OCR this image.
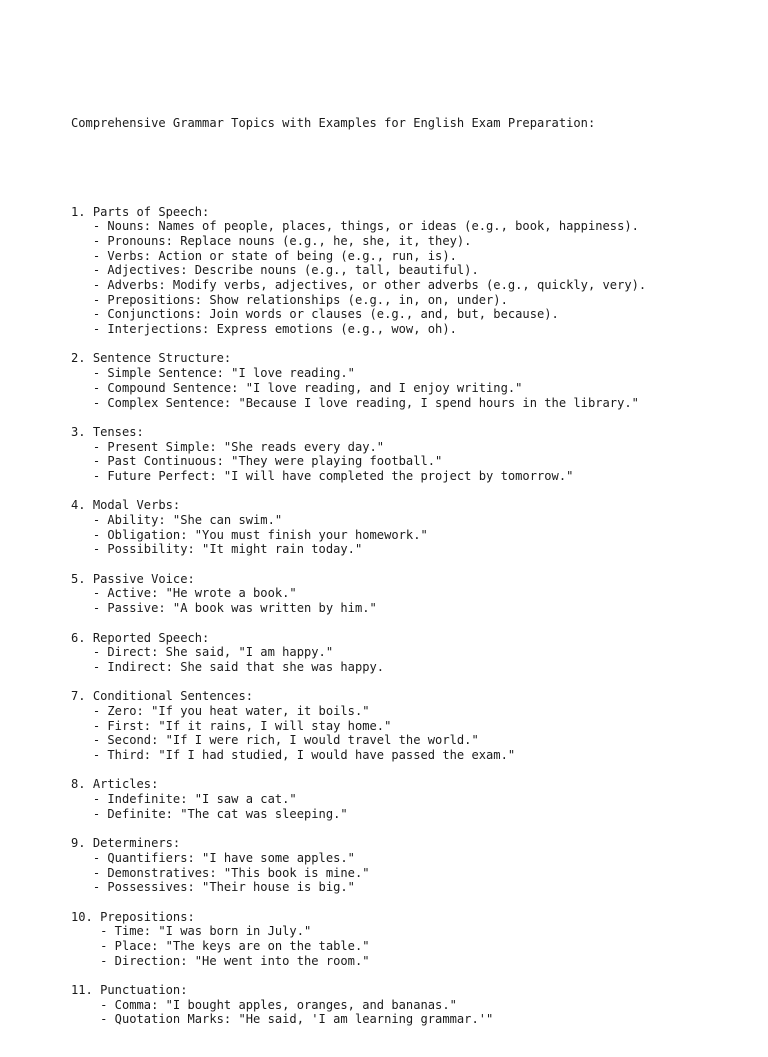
Comprehensive Grammar Topics with Examples for English Exam Preparation:

1. Parts of Speech:
- Nouns: Names of people, places, things, or ideas (e.g., book, happiness).
- Pronouns: Replace nouns (e.g., he, she, it, they).
- Verbs: Action or state of being (e.g., run, is).
- Adjectives: Describe nouns (e.g., tall, beautiful).
- Adverbs: Modify verbs, adjectives, or other adverbs (e.g., quickly, very).
- Prepositions: Show relationships (e.g., in, on, under).
- Conjunctions: Join words or clauses (e.g., and, but, because).
- Interjections: Express emotions (e.g., wow, oh).
2. Sentence Structure:
- Simple Sentence: "I love reading."
- Compound Sentence: "I love reading, and I enjoy writing."
- Complex Sentence: "Because I love reading, I spend hours in the library."
3. Tenses:
- Present Simple: "She reads every day."
- Past Continuous: "They were playing football."
- Future Perfect: "I will have completed the project by tomorrow."
4. Modal Verbs:
- Ability: "She can swim."
- Obligation: "You must finish your homework."
- Possibility: "It might rain today."
5. Passive Voice:
- Active: "He wrote a book."
- Passive: "A book was written by him."
6. Reported Speech:
- Direct: She said, "I am happy."
- Indirect: She said that she was happy.
7. Conditional Sentences:
- Zero: "If you heat water, it boils."
- First: "If it rains, I will stay home."
- Second: "If I were rich, I would travel the world."
- Third: "If I had studied, I would have passed the exam."
8. Articles:
- Indefinite: "I saw a cat."
- Definite: "The cat was sleeping."
9. Determiners:
- Quantifiers: "I have some apples."
- Demonstratives: "This book is mine."
- Possessives: "Their house is big."
10. Prepositions:
- Time: "I was born in July."
- Place: "The keys are on the table."
- Direction: "He went into the room."
11. Punctuation:
- Comma: "I bought apples, oranges, and bananas."
- Quotation Marks: "He said, 'I am learning grammar.'"
